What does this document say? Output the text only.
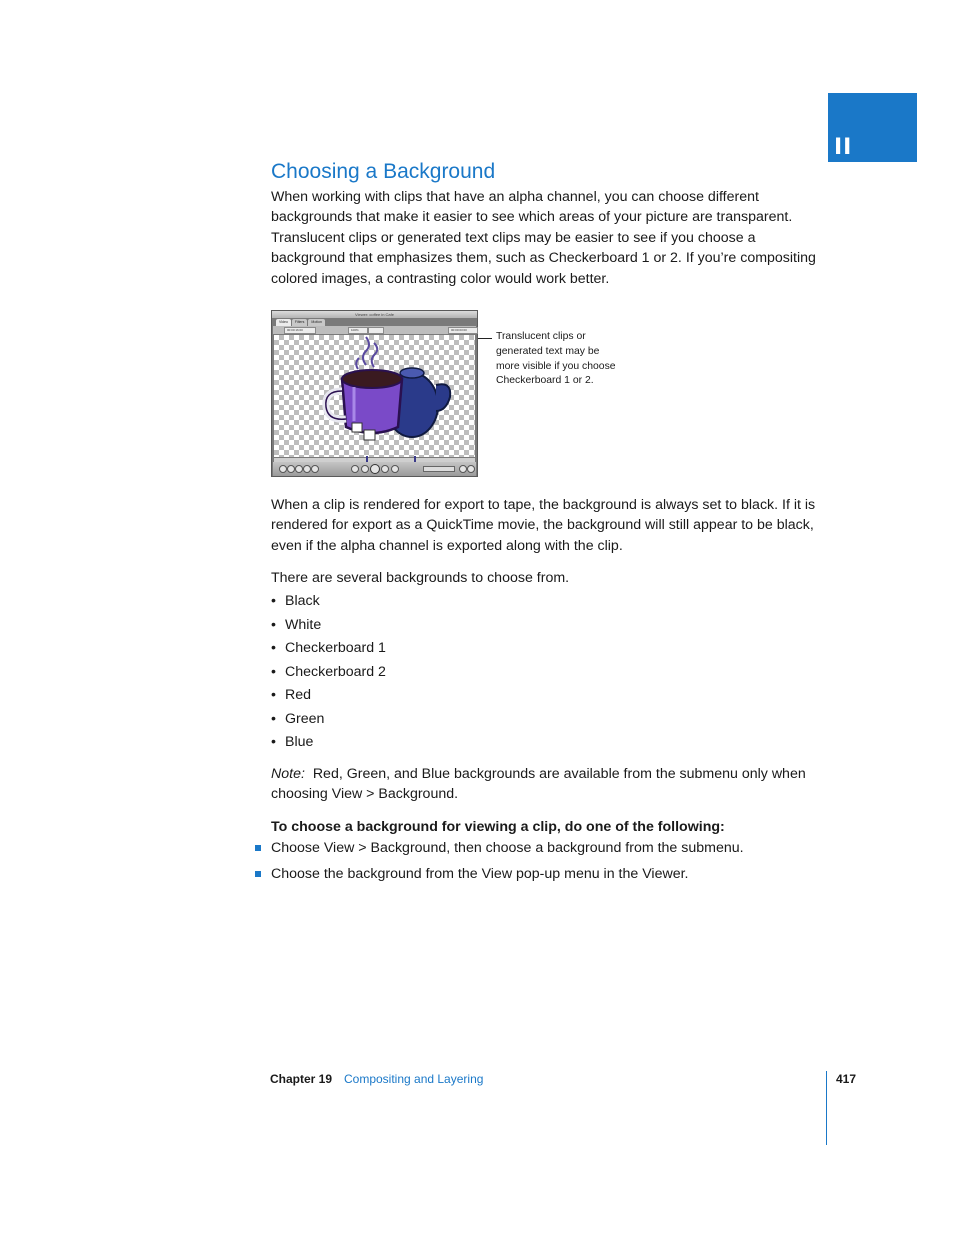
II
Choosing a Background

When working with clips that have an alpha channel, you can choose different backgrounds that make it easier to see which areas of your picture are transparent. Translucent clips or generated text clips may be easier to see if you choose a background that emphasizes them, such as Checkerboard 1 or 2. If you’re compositing colored images, a contrasting color would work better.

Viewer: coffee in Cafe
Video	Filters	Motion
00:00:16:00	100%	00:00:03:00

Translucent clips or generated text may be more visible if you choose Checkerboard 1 or 2.

When a clip is rendered for export to tape, the background is always set to black. If it is rendered for export as a QuickTime movie, the background will still appear to be black, even if the alpha channel is exported along with the clip.

There are several backgrounds to choose from.

• Black
• White
• Checkerboard 1
• Checkerboard 2
• Red
• Green
• Blue

Note: Red, Green, and Blue backgrounds are available from the submenu only when choosing View > Background.

To choose a background for viewing a clip, do one of the following:

Choose View > Background, then choose a background from the submenu.
Choose the background from the View pop-up menu in the Viewer.
Chapter 19 Compositing and Layering	417
